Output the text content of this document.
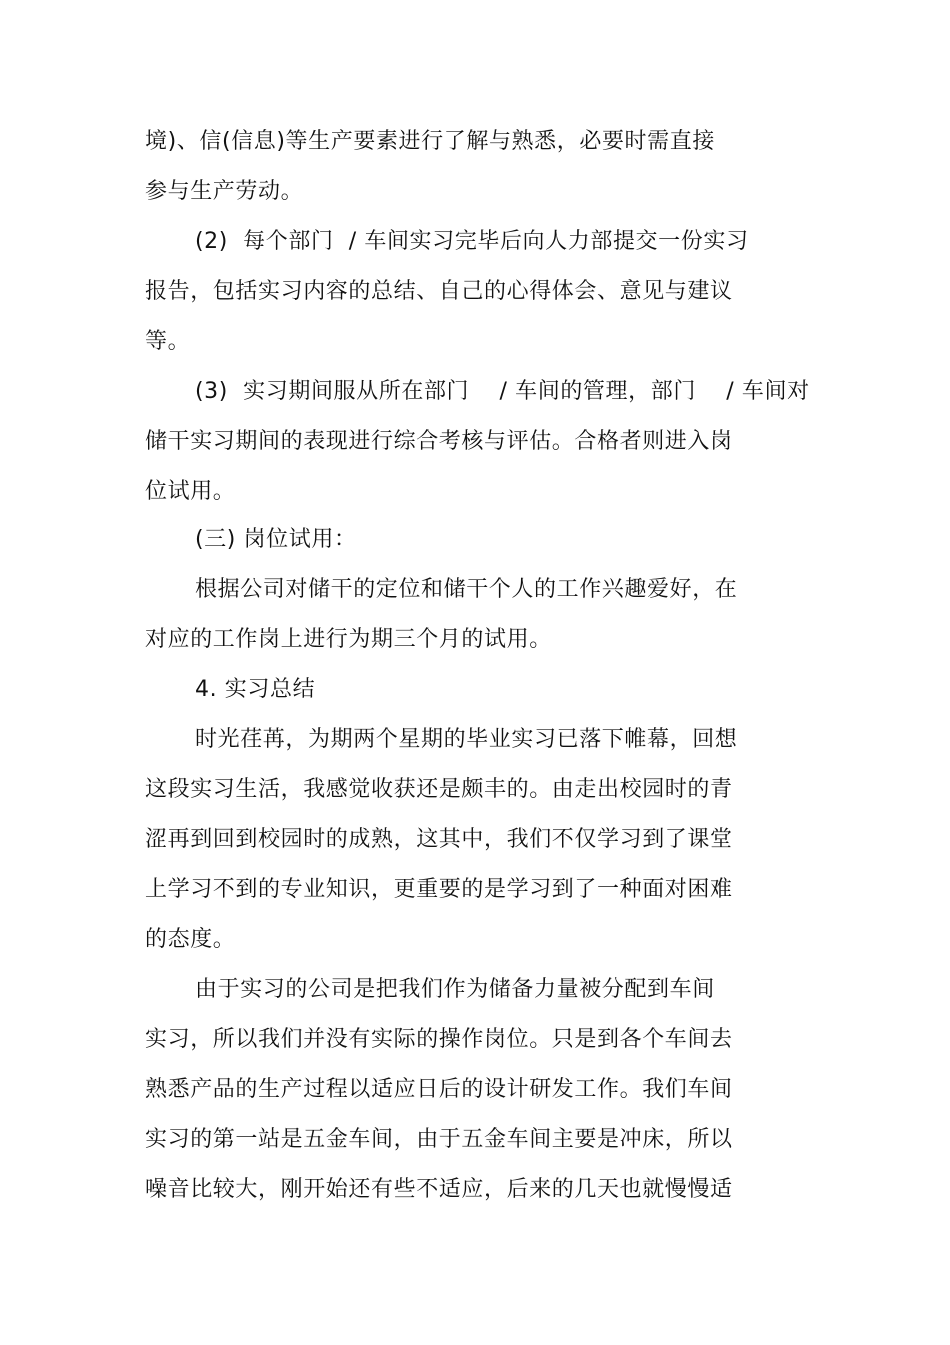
境)、信(信息)等生产要素进行了解与熟悉，必要时需直接
参与生产劳动。
(2)  每个部门  / 车间实习完毕后向人力部提交一份实习
报告，包括实习内容的总结、自己的心得体会、意见与建议
等。
(3)  实习期间服从所在部门    / 车间的管理，部门    / 车间对
储干实习期间的表现进行综合考核与评估。合格者则进入岗
位试用。
(三) 岗位试用：
根据公司对储干的定位和储干个人的工作兴趣爱好，在
对应的工作岗上进行为期三个月的试用。
4. 实习总结
时光荏苒，为期两个星期的毕业实习已落下帷幕，回想
这段实习生活，我感觉收获还是颇丰的。由走出校园时的青
涩再到回到校园时的成熟，这其中，我们不仅学习到了课堂
上学习不到的专业知识，更重要的是学习到了一种面对困难
的态度。
由于实习的公司是把我们作为储备力量被分配到车间
实习，所以我们并没有实际的操作岗位。只是到各个车间去
熟悉产品的生产过程以适应日后的设计研发工作。我们车间
实习的第一站是五金车间，由于五金车间主要是冲床，所以
噪音比较大，刚开始还有些不适应，后来的几天也就慢慢适
